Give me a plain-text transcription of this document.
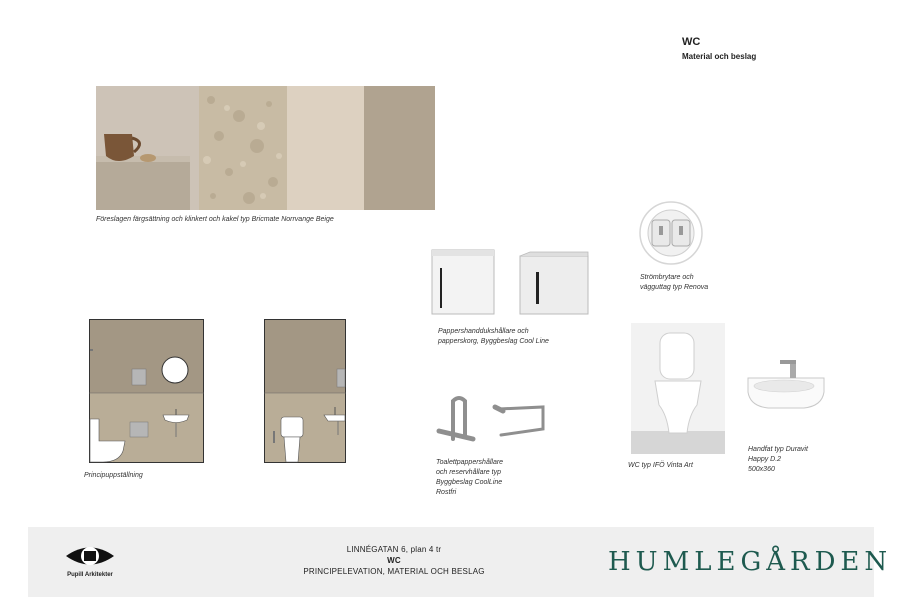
WC
Material och beslag
Föreslagen färgsättning och klinkert och kakel typ Bricmate Norrvange Beige
Principuppställning
Pappershanddukshållare och
papperskorg, Byggbeslag Cool Line
Strömbrytare och
vägguttag typ Renova
Toalettpappershållare
och reservhållare typ
Byggbeslag CoolLine
Rostfri
WC typ IFÖ Vinta Art
Handfat typ Duravit
Happy D.2
500x360
Pupill Arkitekter
LINNÉGATAN 6, plan 4 tr
WC
PRINCIPELEVATION, MATERIAL OCH BESLAG	HUMLEGÅRDEN
